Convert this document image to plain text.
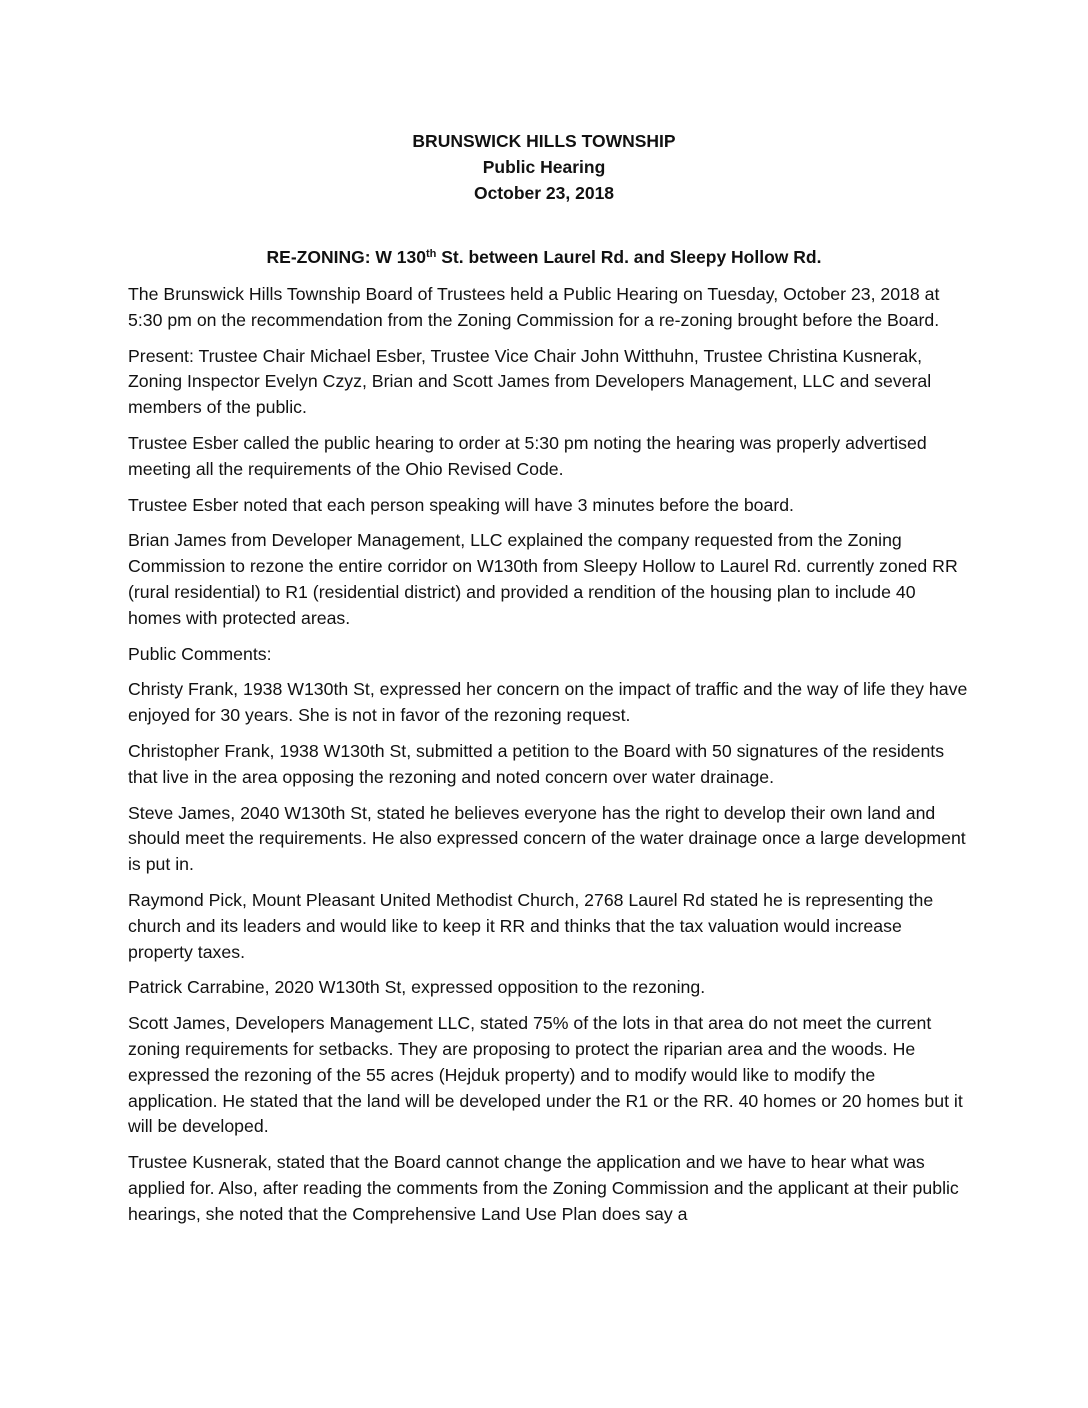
BRUNSWICK HILLS TOWNSHIP
Public Hearing
October 23, 2018
RE-ZONING: W 130th St. between Laurel Rd. and Sleepy Hollow Rd.

The Brunswick Hills Township Board of Trustees held a Public Hearing on Tuesday, October 23, 2018 at 5:30 pm on the recommendation from the Zoning Commission for a re-zoning brought before the Board.

Present: Trustee Chair Michael Esber, Trustee Vice Chair John Witthuhn, Trustee Christina Kusnerak, Zoning Inspector Evelyn Czyz, Brian and Scott James from Developers Management, LLC and several members of the public.

Trustee Esber called the public hearing to order at 5:30 pm noting the hearing was properly advertised meeting all the requirements of the Ohio Revised Code.

Trustee Esber noted that each person speaking will have 3 minutes before the board.

Brian James from Developer Management, LLC explained the company requested from the Zoning Commission to rezone the entire corridor on W130th from Sleepy Hollow to Laurel Rd. currently zoned RR (rural residential) to R1 (residential district) and provided a rendition of the housing plan to include 40 homes with protected areas.

Public Comments:

Christy Frank, 1938 W130th St, expressed her concern on the impact of traffic and the way of life they have enjoyed for 30 years. She is not in favor of the rezoning request.

Christopher Frank, 1938 W130th St, submitted a petition to the Board with 50 signatures of the residents that live in the area opposing the rezoning and noted concern over water drainage.

Steve James, 2040 W130th St, stated he believes everyone has the right to develop their own land and should meet the requirements. He also expressed concern of the water drainage once a large development is put in.

Raymond Pick, Mount Pleasant United Methodist Church, 2768 Laurel Rd stated he is representing the church and its leaders and would like to keep it RR and thinks that the tax valuation would increase property taxes.

Patrick Carrabine, 2020 W130th St, expressed opposition to the rezoning.

Scott James, Developers Management LLC, stated 75% of the lots in that area do not meet the current zoning requirements for setbacks. They are proposing to protect the riparian area and the woods. He expressed the rezoning of the 55 acres (Hejduk property) and to modify would like to modify the application. He stated that the land will be developed under the R1 or the RR. 40 homes or 20 homes but it will be developed.

Trustee Kusnerak, stated that the Board cannot change the application and we have to hear what was applied for. Also, after reading the comments from the Zoning Commission and the applicant at their public hearings, she noted that the Comprehensive Land Use Plan does say a
